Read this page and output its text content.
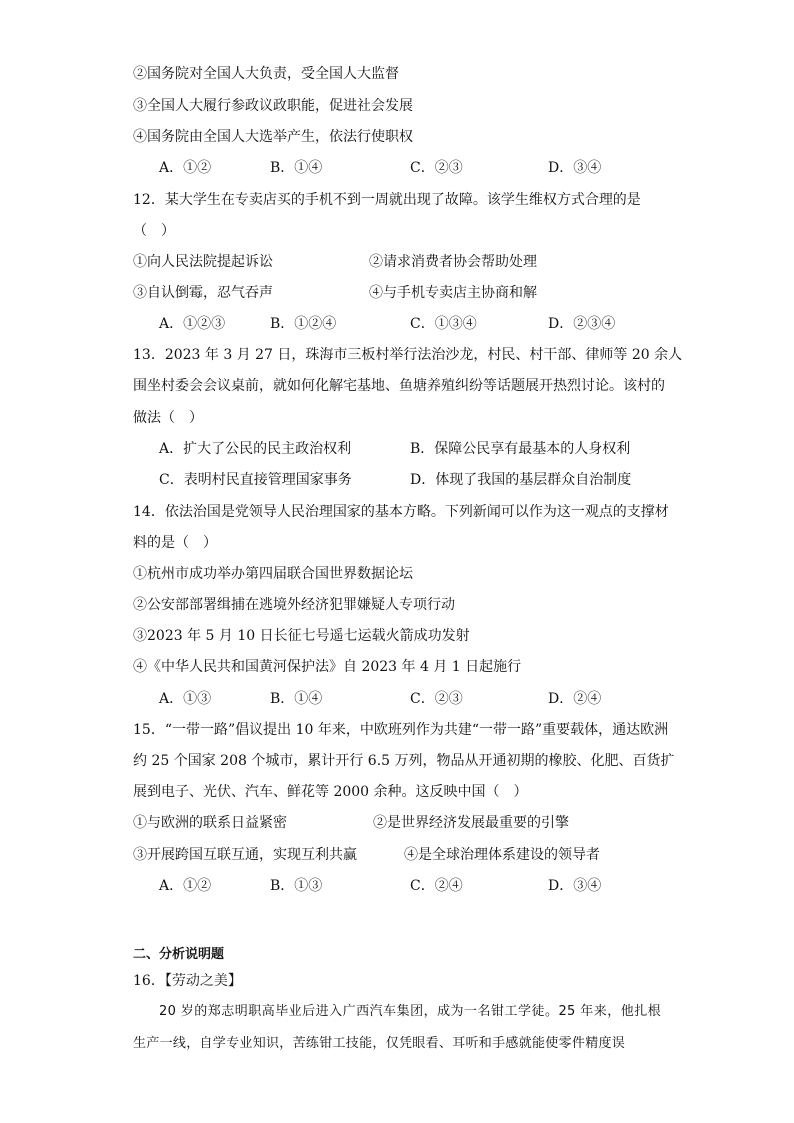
②国务院对全国人大负责，受全国人大监督
③全国人大履行参政议政职能，促进社会发展
④国务院由全国人大选举产生，依法行使职权
A．①②	B．①④	C．②③	D．③④
12．某大学生在专卖店买的手机不到一周就出现了故障。该学生维权方式合理的是
（　）
①向人民法院提起诉讼	②请求消费者协会帮助处理
③自认倒霉，忍气吞声	④与手机专卖店主协商和解
A．①②③	B．①②④	C．①③④	D．②③④
13．2023 年 3 月 27 日，珠海市三板村举行法治沙龙，村民、村干部、律师等 20 余人
围坐村委会会议桌前，就如何化解宅基地、鱼塘养殖纠纷等话题展开热烈讨论。该村的
做法（　）
A．扩大了公民的民主政治权利	B．保障公民享有最基本的人身权利
C．表明村民直接管理国家事务	D．体现了我国的基层群众自治制度
14．依法治国是党领导人民治理国家的基本方略。下列新闻可以作为这一观点的支撑材
料的是（　）
①杭州市成功举办第四届联合国世界数据论坛
②公安部部署缉捕在逃境外经济犯罪嫌疑人专项行动
③2023 年 5 月 10 日长征七号遥七运载火箭成功发射
④《中华人民共和国黄河保护法》自 2023 年 4 月 1 日起施行
A．①③	B．①④	C．②③	D．②④
15．“一带一路”倡议提出 10 年来，中欧班列作为共建“一带一路”重要载体，通达欧洲
约 25 个国家 208 个城市，累计开行 6.5 万列，物品从开通初期的橡胶、化肥、百货扩
展到电子、光伏、汽车、鲜花等 2000 余种。这反映中国（　）
①与欧洲的联系日益紧密	②是世界经济发展最重要的引擎
③开展跨国互联互通，实现互利共赢	④是全球治理体系建设的领导者
A．①②	B．①③	C．②④	D．③④
二、分析说明题
16．【劳动之美】

20 岁的郑志明职高毕业后进入广西汽车集团，成为一名钳工学徒。25 年来，他扎根生产一线，自学专业知识，苦练钳工技能，仅凭眼看、耳听和手感就能使零件精度误
